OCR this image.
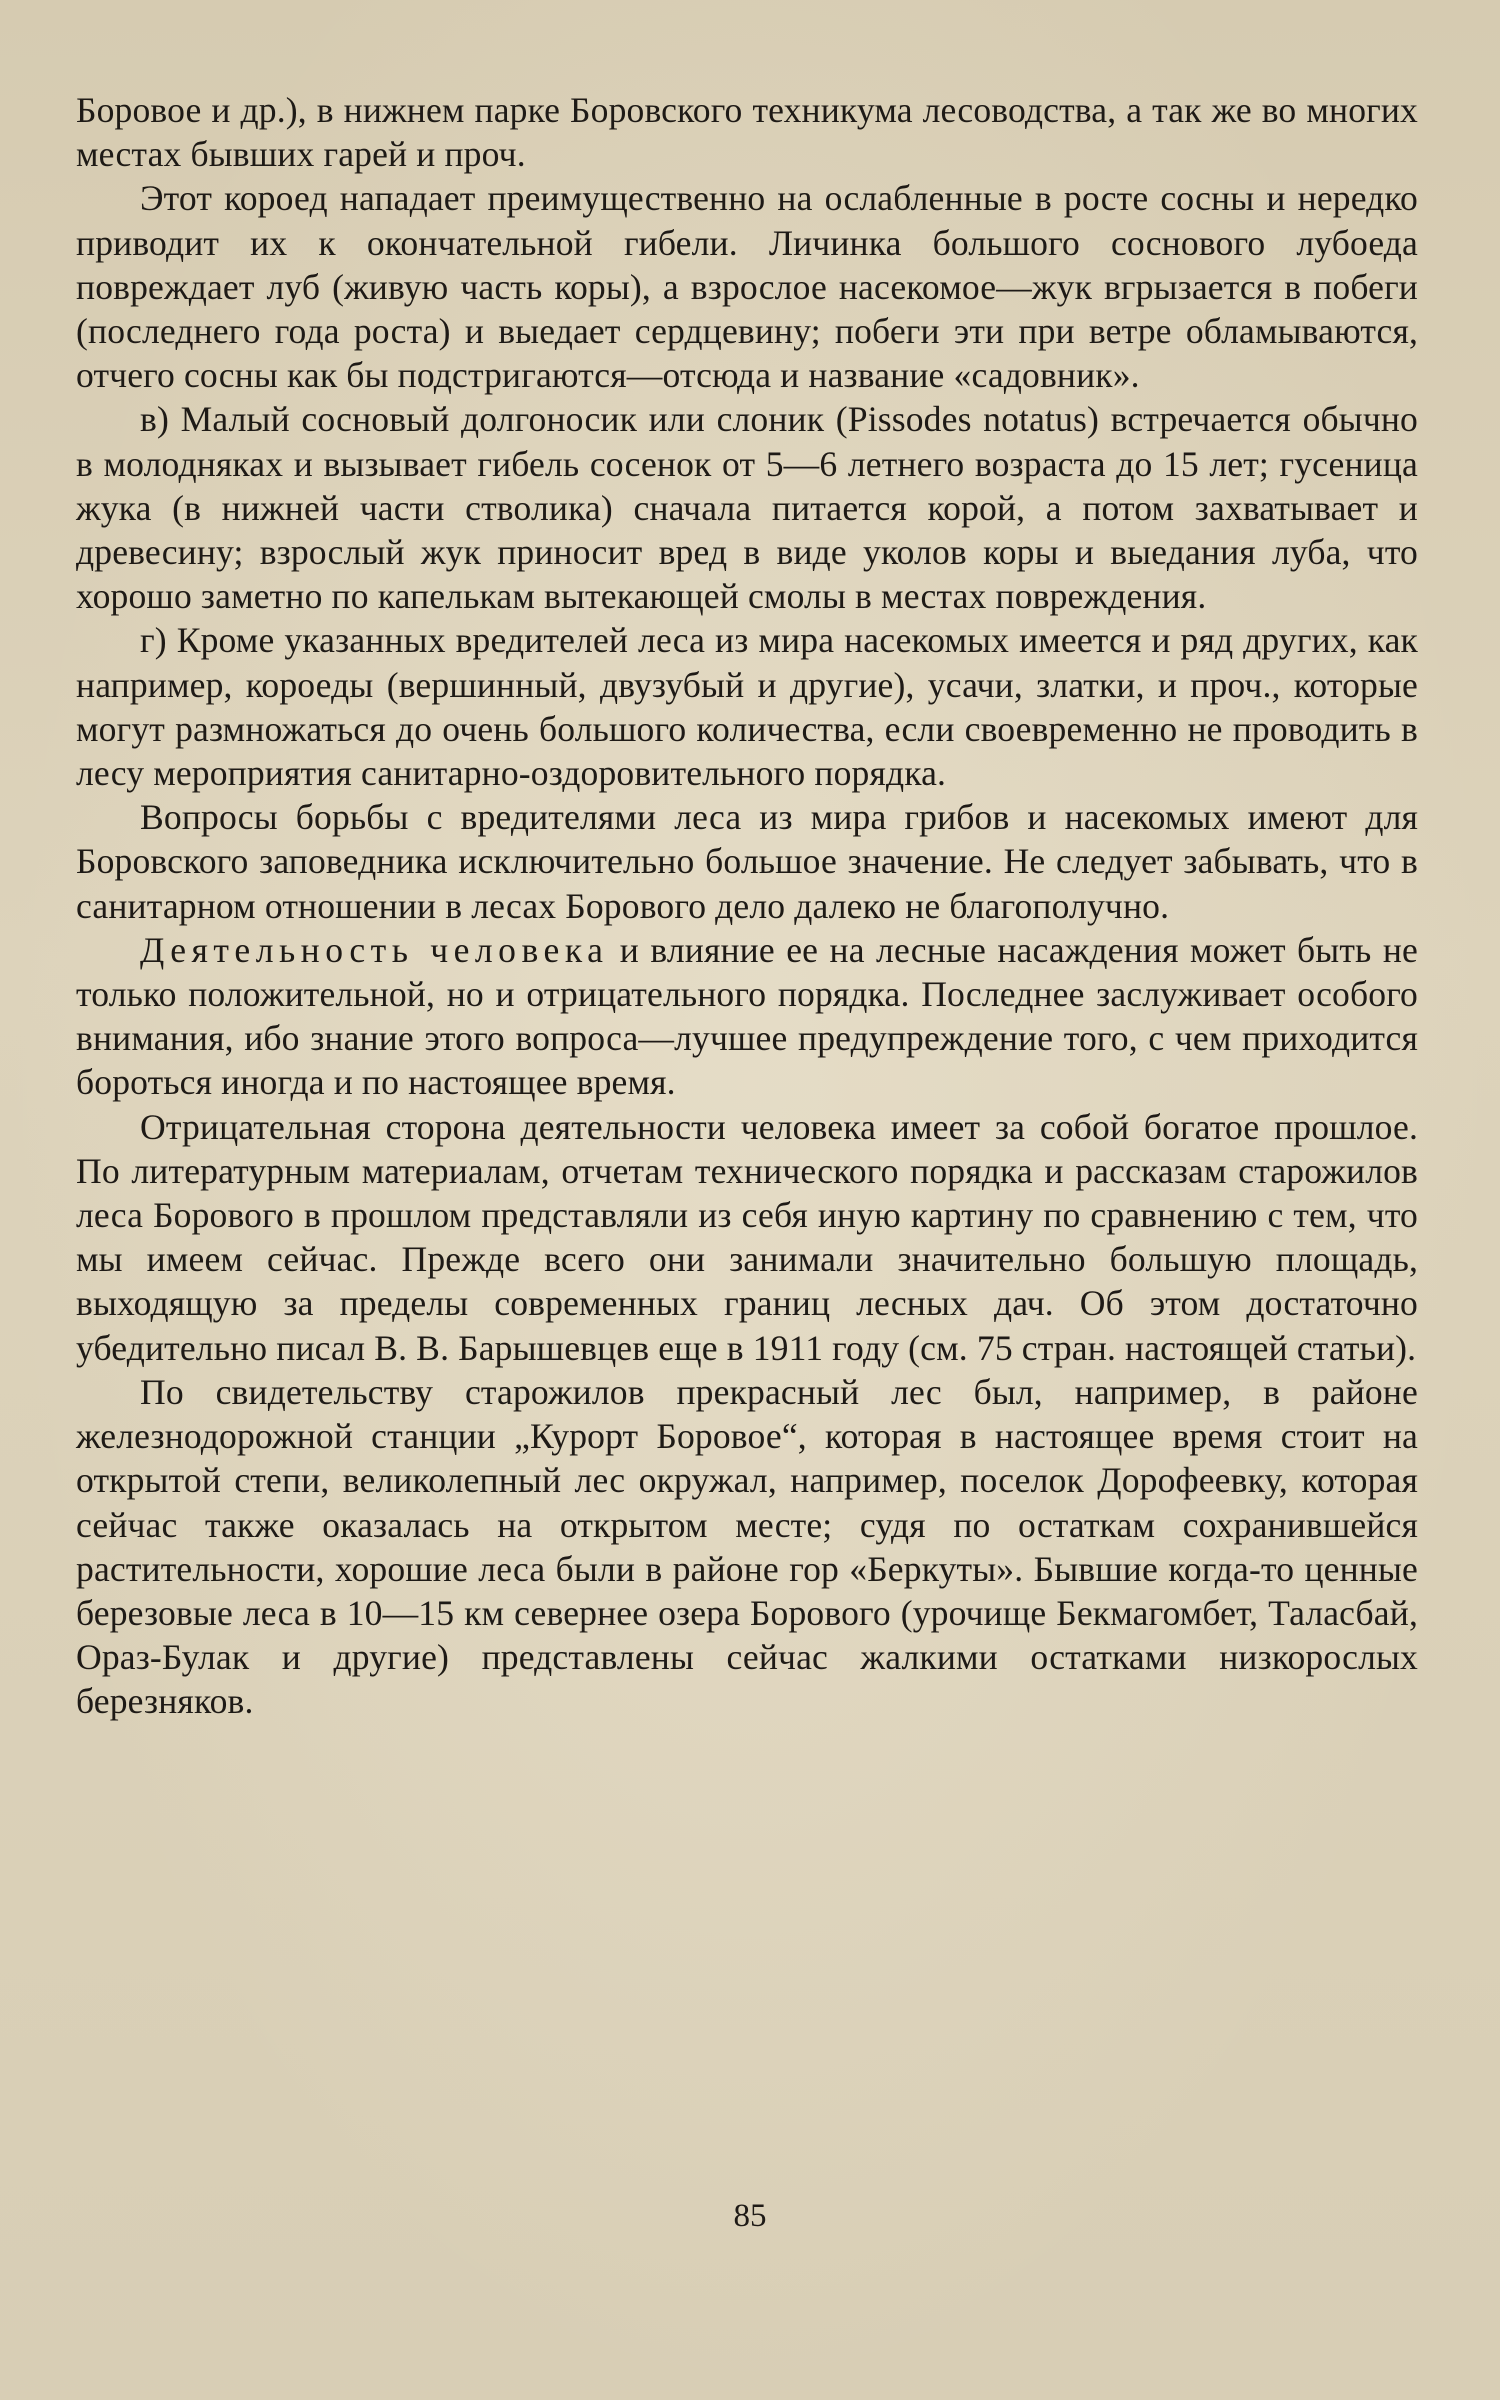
Боровое и др.), в нижнем парке Боровского техникума лесоводства, а так же во многих местах бывших гарей и проч.

Этот короед нападает преимущественно на ослабленные в росте сосны и нередко приводит их к окончательной гибели. Личинка большого соснового лубоеда повреждает луб (живую часть коры), а взрослое насекомое—жук вгрызается в побеги (последнего года роста) и выедает сердцевину; побеги эти при ветре обламываются, отчего сосны как бы подстригаются—отсюда и название «садовник».

в) Малый сосновый долгоносик или слоник (Pissodes notatus) встречается обычно в молодняках и вызывает гибель сосенок от 5—6 летнего возраста до 15 лет; гусеница жука (в нижней части стволика) сначала питается корой, а потом захватывает и древесину; взрослый жук приносит вред в виде уколов коры и выедания луба, что хорошо заметно по капелькам вытекающей смолы в местах повреждения.

г) Кроме указанных вредителей леса из мира насекомых имеется и ряд других, как например, короеды (вершинный, двузубый и другие), усачи, златки, и проч., которые могут размножаться до очень большого количества, если своевременно не проводить в лесу мероприятия санитарно-оздоровительного порядка.

Вопросы борьбы с вредителями леса из мира грибов и насекомых имеют для Боровского заповедника исключительно большое значение. Не следует забывать, что в санитарном отношении в лесах Борового дело далеко не благополучно.

Деятельность человека и влияние ее на лесные насаждения может быть не только положительной, но и отрицательного порядка. Последнее заслуживает особого внимания, ибо знание этого вопроса—лучшее предупреждение того, с чем приходится бороться иногда и по настоящее время.

Отрицательная сторона деятельности человека имеет за собой богатое прошлое. По литературным материалам, отчетам технического порядка и рассказам старожилов леса Борового в прошлом представляли из себя иную картину по сравнению с тем, что мы имеем сейчас. Прежде всего они занимали значительно большую площадь, выходящую за пределы современных границ лесных дач. Об этом достаточно убедительно писал В. В. Барышевцев еще в 1911 году (см. 75 стран. настоящей статьи).

По свидетельству старожилов прекрасный лес был, например, в районе железнодорожной станции „Курорт Боровое“, которая в настоящее время стоит на открытой степи, великолепный лес окружал, например, поселок Дорофеевку, которая сейчас также оказалась на открытом месте; судя по остаткам сохранившейся растительности, хорошие леса были в районе гор «Беркуты». Бывшие когда-то ценные березовые леса в 10—15 км севернее озера Борового (урочище Бекмагомбет, Таласбай, Ораз-Булак и другие) представлены сейчас жалкими остатками низкорослых березняков.

85
